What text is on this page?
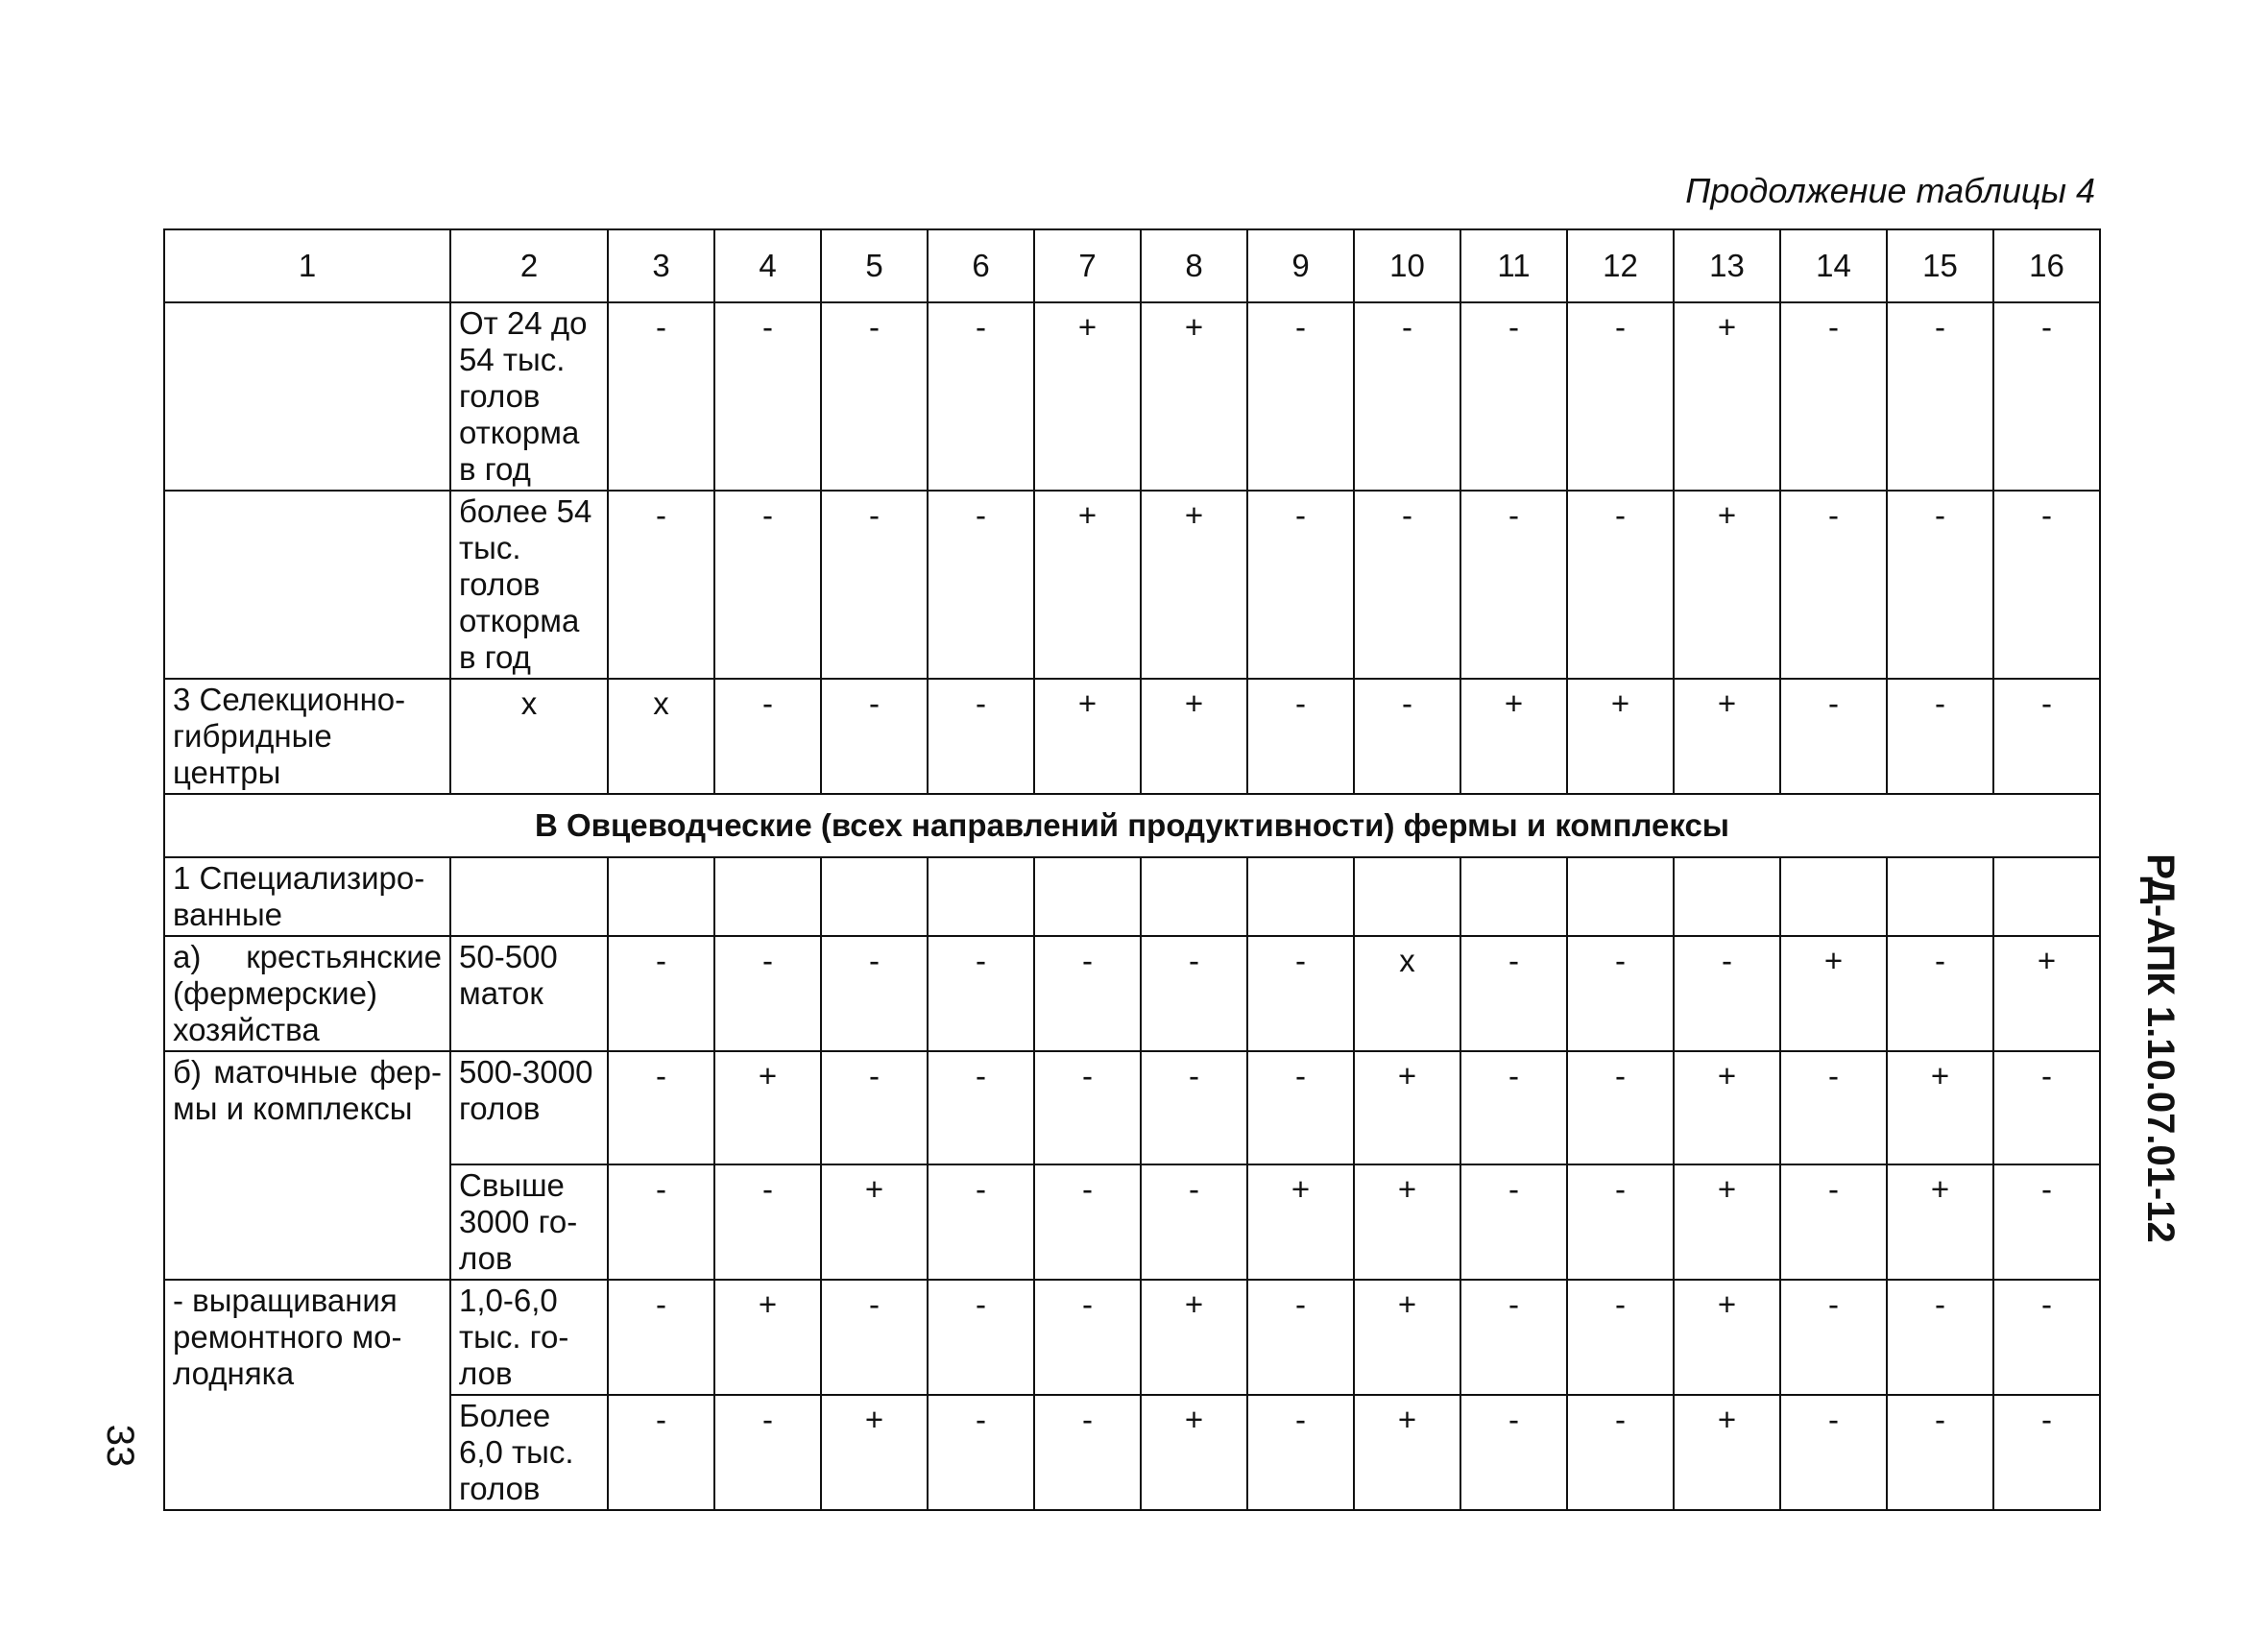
Продолжение таблицы 4
1	2	3	4	5	6	7	8	9	10	11	12	13	14	15	16
	От 24 до 54 тыс. голов откорма в год	-	-	-	-	+	+	-	-	-	-	+	-	-	-
	более 54 тыс. голов откорма в год	-	-	-	-	+	+	-	-	-	-	+	-	-	-
3 Селекционно-гибридные центры	х	х	-	-	-	+	+	-	-	+	+	+	-	-	-
В Овцеводческие (всех направлений продуктивности) фермы и комплексы															
1 Специализиро-ванные															
а) крестьянские (фермерские) хозяйства	50-500 маток	-	-	-	-	-	-	-	х	-	-	-	+	-	+
б) маточные фер-мы и комплексы	500-3000 голов	-	+	-	-	-	-	-	+	-	-	+	-	+	-
	Свыше 3000 го-лов	-	-	+	-	-	-	+	+	-	-	+	-	+	-
- выращивания ремонтного мо-лодняка	1,0-6,0 тыс. го-лов	-	+	-	-	-	+	-	+	-	-	+	-	-	-
	Более 6,0 тыс. голов	-	-	+	-	-	+	-	+	-	-	+	-	-	-
РД-АПК 1.10.07.01-12
33
